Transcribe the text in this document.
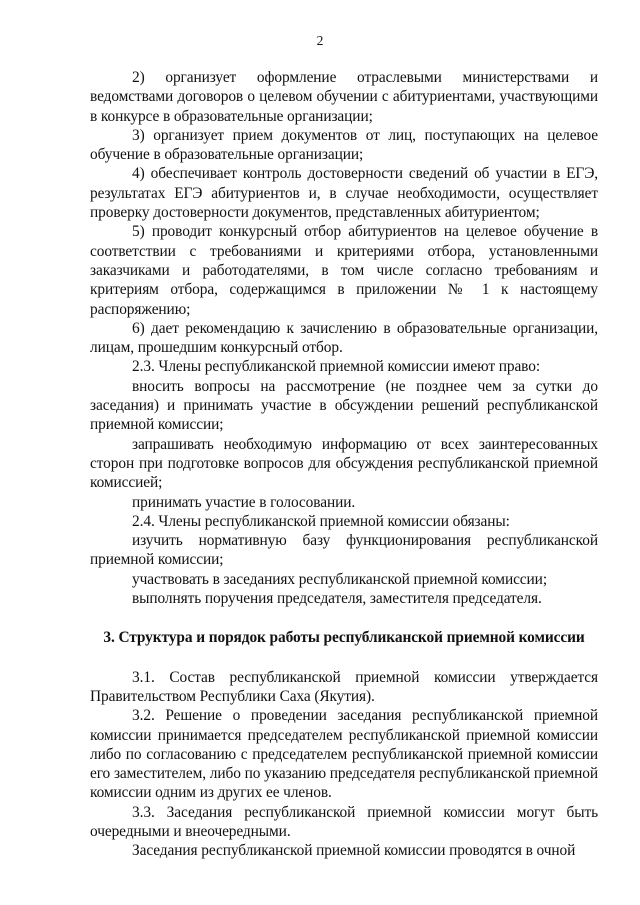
2

2) организует оформление отраслевыми министерствами и ведомствами договоров о целевом обучении с абитуриентами, участвующими в конкурсе в образовательные организации;

3) организует прием документов от лиц, поступающих на целевое обучение в образовательные организации;

4) обеспечивает контроль достоверности сведений об участии в ЕГЭ, результатах ЕГЭ абитуриентов и, в случае необходимости, осуществляет проверку достоверности документов, представленных абитуриентом;

5) проводит конкурсный отбор абитуриентов на целевое обучение в соответствии с требованиями и критериями отбора, установленными заказчиками и работодателями, в том числе согласно требованиям и критериям отбора, содержащимся в приложении № 1 к настоящему распоряжению;

6) дает рекомендацию к зачислению в образовательные организации, лицам, прошедшим конкурсный отбор.

2.3. Члены республиканской приемной комиссии имеют право:

вносить вопросы на рассмотрение (не позднее чем за сутки до заседания) и принимать участие в обсуждении решений республиканской приемной комиссии;

запрашивать необходимую информацию от всех заинтересованных сторон при подготовке вопросов для обсуждения республиканской приемной комиссией;

принимать участие в голосовании.

2.4. Члены республиканской приемной комиссии обязаны:

изучить нормативную базу функционирования республиканской приемной комиссии;

участвовать в заседаниях республиканской приемной комиссии;

выполнять поручения председателя, заместителя председателя.

3. Структура и порядок работы республиканской приемной комиссии

3.1. Состав республиканской приемной комиссии утверждается Правительством Республики Саха (Якутия).

3.2. Решение о проведении заседания республиканской приемной комиссии принимается председателем республиканской приемной комиссии либо по согласованию с председателем республиканской приемной комиссии его заместителем, либо по указанию председателя республиканской приемной комиссии одним из других ее членов.

3.3. Заседания республиканской приемной комиссии могут быть очередными и внеочередными.

Заседания республиканской приемной комиссии проводятся в очной
